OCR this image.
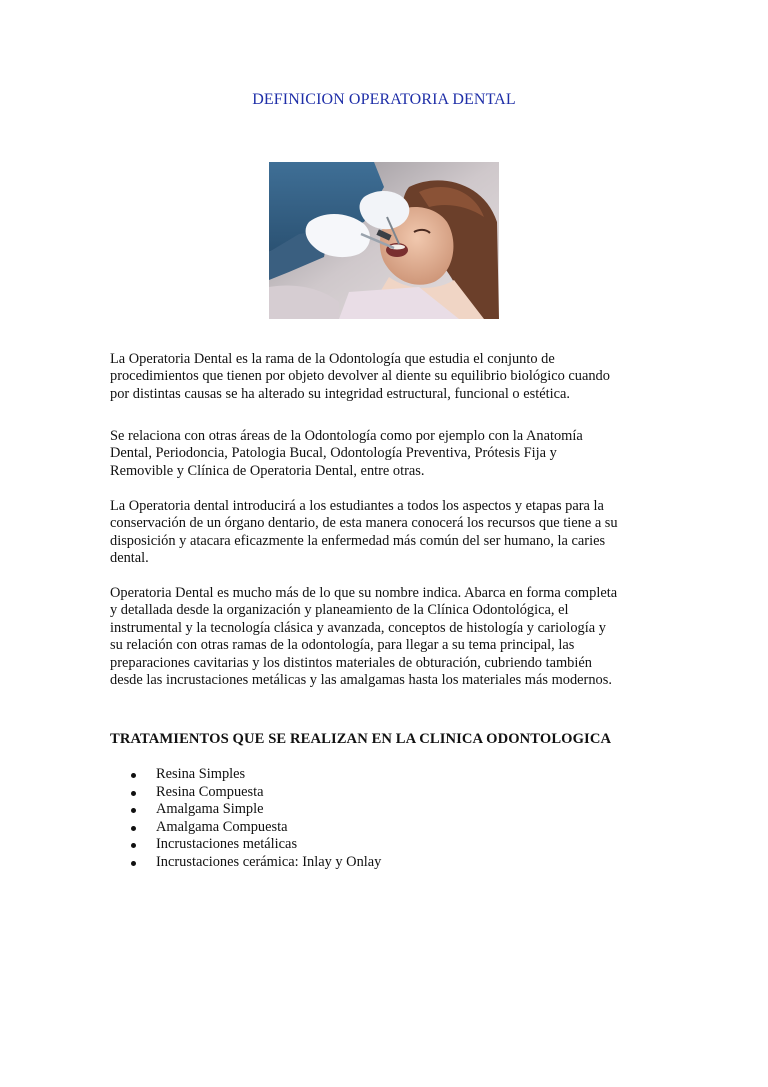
DEFINICION OPERATORIA DENTAL
La Operatoria Dental es la rama de la Odontología que estudia el conjunto de
procedimientos que tienen por objeto devolver al diente su equilibrio biológico cuando
por distintas causas se ha alterado su integridad estructural, funcional o estética.
Se relaciona con otras áreas de la Odontología como por ejemplo con la Anatomía
Dental, Periodoncia, Patologia Bucal, Odontología Preventiva, Prótesis Fija y
Removible y Clínica de Operatoria Dental, entre otras.
La Operatoria dental introducirá a los estudiantes a todos los aspectos y etapas para la
conservación de un órgano dentario, de esta manera conocerá los recursos que tiene a su
disposición y atacara eficazmente la enfermedad más común del ser humano, la caries
dental.
Operatoria Dental es mucho más de lo que su nombre indica. Abarca en forma completa
y detallada desde la organización y planeamiento de la Clínica Odontológica, el
instrumental y la tecnología clásica y avanzada, conceptos de histología y cariología y
su relación con otras ramas de la odontología, para llegar a su tema principal, las
preparaciones cavitarias y los distintos materiales de obturación, cubriendo también
desde las incrustaciones metálicas y las amalgamas hasta los materiales más modernos.
TRATAMIENTOS QUE SE REALIZAN EN LA CLINICA ODONTOLOGICA
Resina Simples
Resina Compuesta
Amalgama Simple
Amalgama Compuesta
Incrustaciones metálicas
Incrustaciones cerámica: Inlay y Onlay
